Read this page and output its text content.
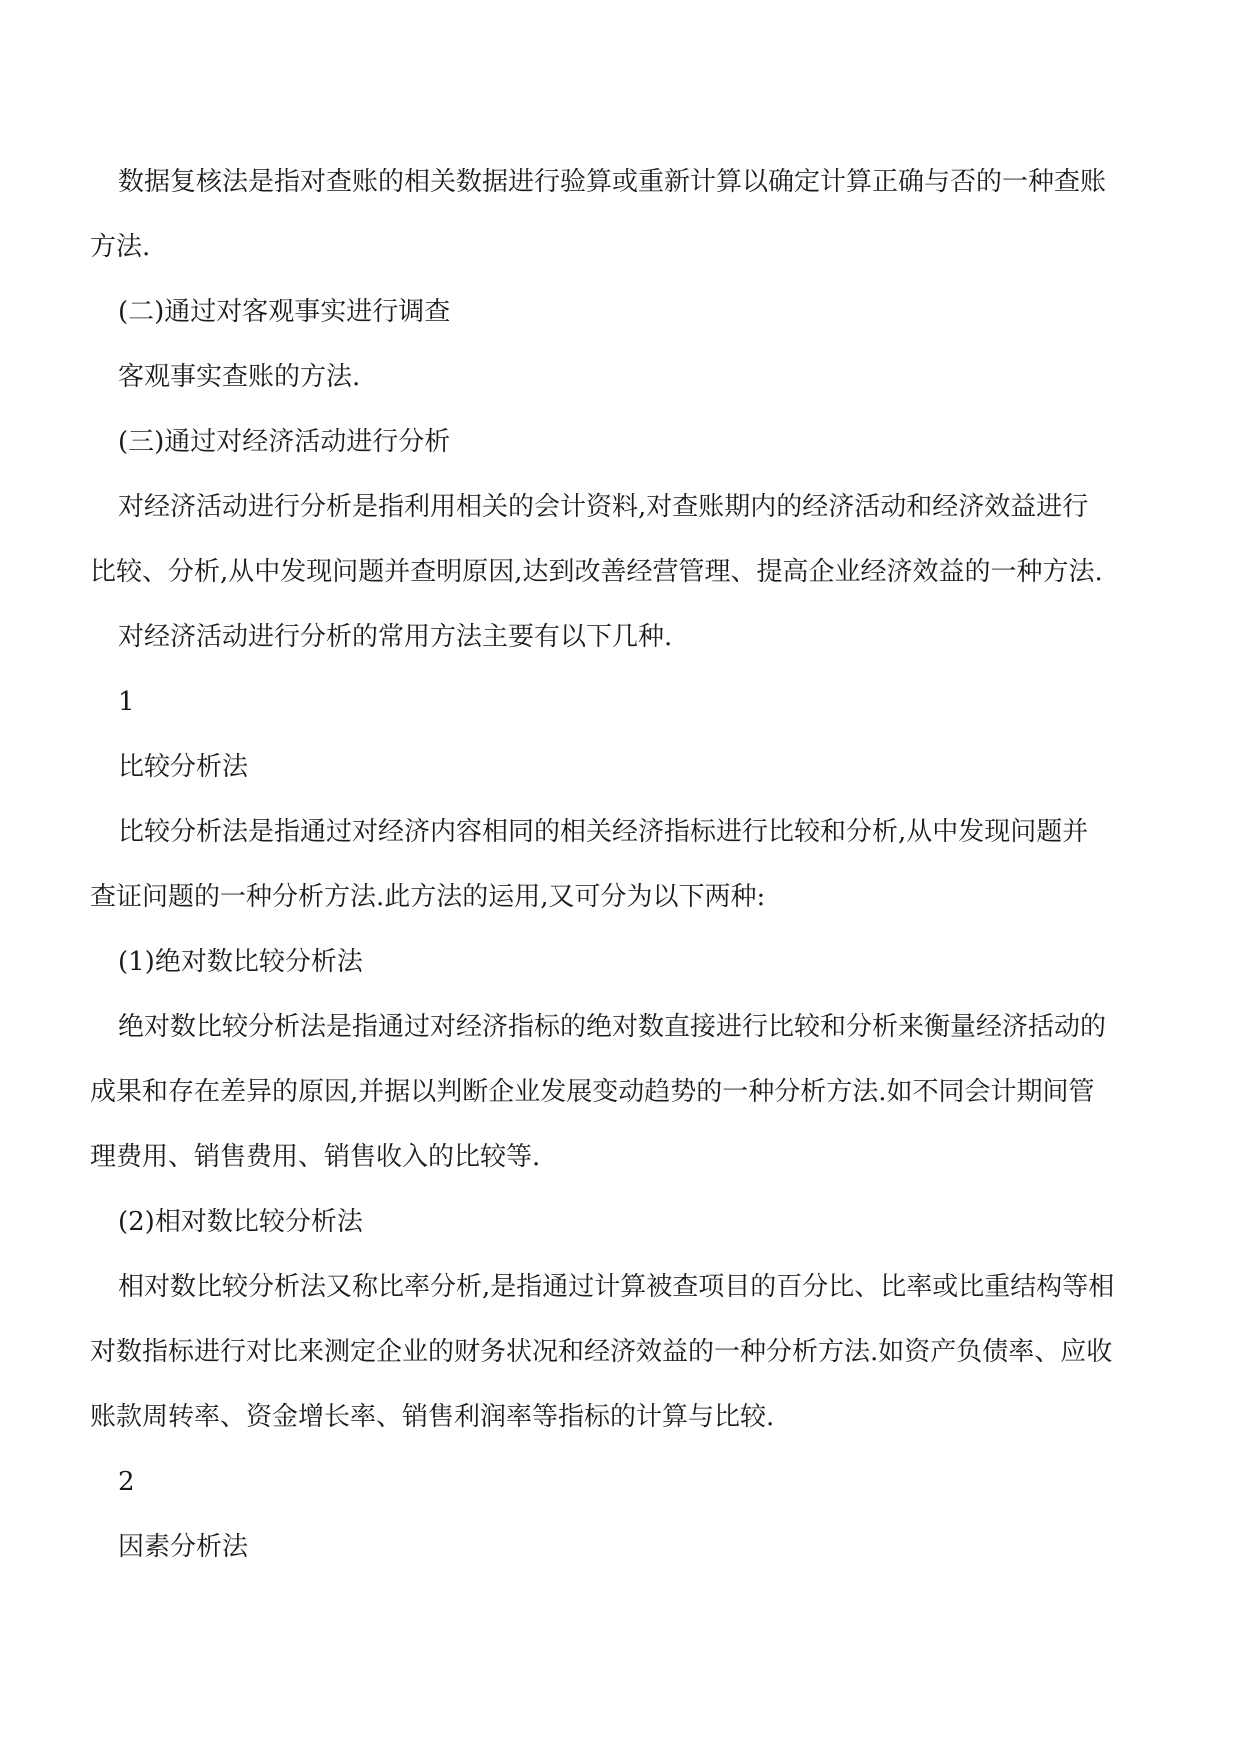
数据复核法是指对查账的相关数据进行验算或重新计算以确定计算正确与否的一种查账
方法.
(二)通过对客观事实进行调查
客观事实查账的方法.
(三)通过对经济活动进行分析
对经济活动进行分析是指利用相关的会计资料,对查账期内的经济活动和经济效益进行
比较、分析,从中发现问题并查明原因,达到改善经营管理、提高企业经济效益的一种方法.
对经济活动进行分析的常用方法主要有以下几种.
1
比较分析法
比较分析法是指通过对经济内容相同的相关经济指标进行比较和分析,从中发现问题并
查证问题的一种分析方法.此方法的运用,又可分为以下两种:
(1)绝对数比较分析法
绝对数比较分析法是指通过对经济指标的绝对数直接进行比较和分析来衡量经济括动的
成果和存在差异的原因,并据以判断企业发展变动趋势的一种分析方法.如不同会计期间管
理费用、销售费用、销售收入的比较等.
(2)相对数比较分析法
相对数比较分析法又称比率分析,是指通过计算被查项目的百分比、比率或比重结构等相
对数指标进行对比来测定企业的财务状况和经济效益的一种分析方法.如资产负债率、应收
账款周转率、资金增长率、销售利润率等指标的计算与比较.
2
因素分析法
